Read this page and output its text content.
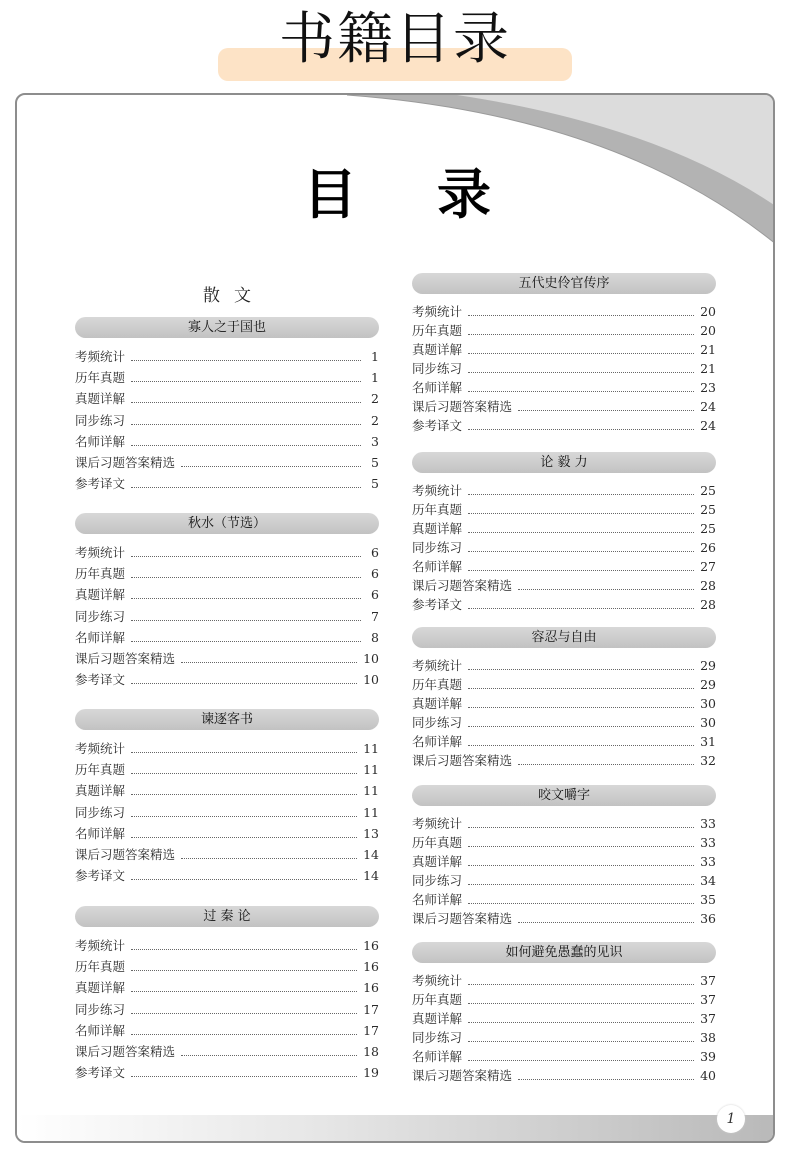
书籍目录
目录
散文
寡人之于国也
考频统计	1
历年真题	1
真题详解	2
同步练习	2
名师详解	3
课后习题答案精选	5
参考译文	5
秋水（节选）
考频统计	6
历年真题	6
真题详解	6
同步练习	7
名师详解	8
课后习题答案精选	10
参考译文	10
谏逐客书
考频统计	11
历年真题	11
真题详解	11
同步练习	11
名师详解	13
课后习题答案精选	14
参考译文	14
过 秦 论
考频统计	16
历年真题	16
真题详解	16
同步练习	17
名师详解	17
课后习题答案精选	18
参考译文	19
五代史伶官传序
考频统计	20
历年真题	20
真题详解	21
同步练习	21
名师详解	23
课后习题答案精选	24
参考译文	24
论 毅 力
考频统计	25
历年真题	25
真题详解	25
同步练习	26
名师详解	27
课后习题答案精选	28
参考译文	28
容忍与自由
考频统计	29
历年真题	29
真题详解	30
同步练习	30
名师详解	31
课后习题答案精选	32
咬文嚼字
考频统计	33
历年真题	33
真题详解	33
同步练习	34
名师详解	35
课后习题答案精选	36
如何避免愚蠢的见识
考频统计	37
历年真题	37
真题详解	37
同步练习	38
名师详解	39
课后习题答案精选	40
1
